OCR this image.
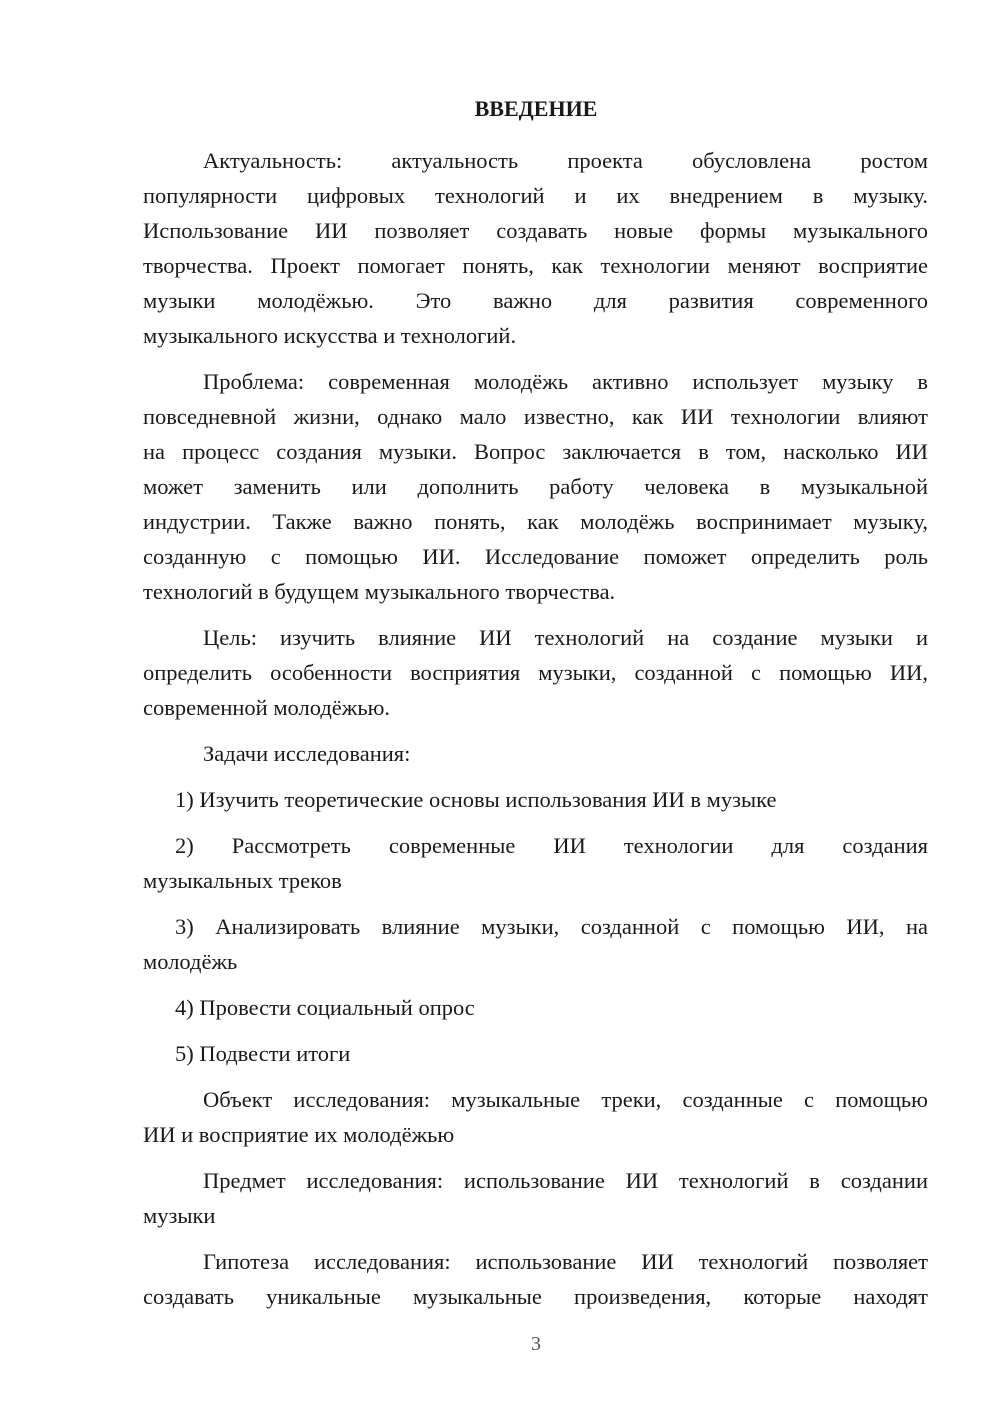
ВВЕДЕНИЕ
Актуальность: актуальность проекта обусловлена ростом
популярности цифровых технологий и их внедрением в музыку.
Использование ИИ позволяет создавать новые формы музыкального
творчества. Проект помогает понять, как технологии меняют восприятие
музыки молодёжью. Это важно для развития современного
музыкального искусства и технологий.
Проблема: современная молодёжь активно использует музыку в
повседневной жизни, однако мало известно, как ИИ технологии влияют
на процесс создания музыки. Вопрос заключается в том, насколько ИИ
может заменить или дополнить работу человека в музыкальной
индустрии. Также важно понять, как молодёжь воспринимает музыку,
созданную с помощью ИИ. Исследование поможет определить роль
технологий в будущем музыкального творчества.
Цель: изучить влияние ИИ технологий на создание музыки и
определить особенности восприятия музыки, созданной с помощью ИИ,
современной молодёжью.
Задачи исследования:
1) Изучить теоретические основы использования ИИ в музыке
2) Рассмотреть современные ИИ технологии для создания
музыкальных треков
3) Анализировать влияние музыки, созданной с помощью ИИ, на
молодёжь
4) Провести социальный опрос
5) Подвести итоги
Объект исследования: музыкальные треки, созданные с помощью
ИИ и восприятие их молодёжью
Предмет исследования: использование ИИ технологий в создании
музыки
Гипотеза исследования: использование ИИ технологий позволяет
создавать уникальные музыкальные произведения, которые находят
3
